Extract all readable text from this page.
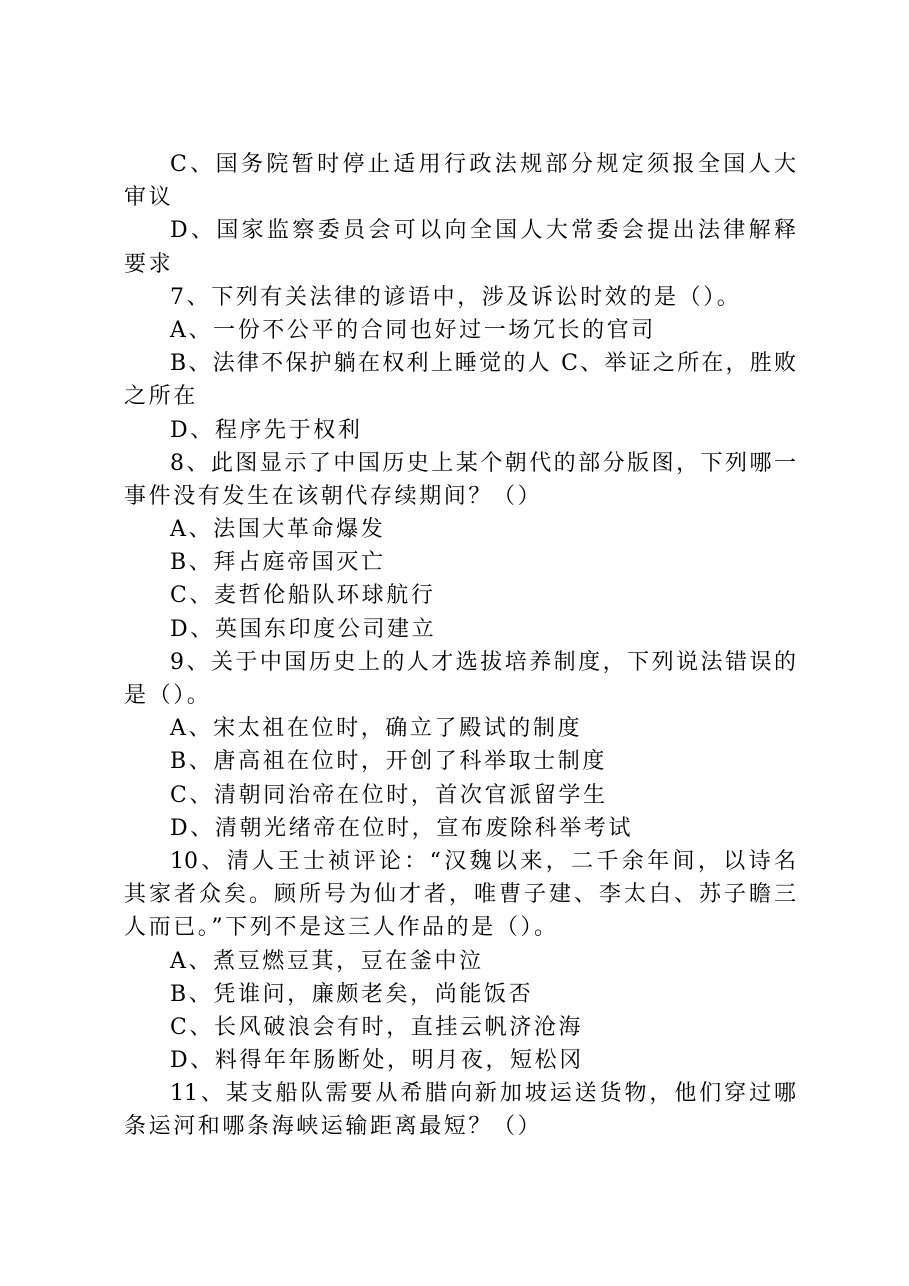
C、国务院暂时停止适用行政法规部分规定须报全国人大
审议
D、国家监察委员会可以向全国人大常委会提出法律解释
要求
7、下列有关法律的谚语中，涉及诉讼时效的是（）。
A、一份不公平的合同也好过一场冗长的官司
B、法律不保护躺在权利上睡觉的人 C、举证之所在，胜败
之所在
D、程序先于权利
8、此图显示了中国历史上某个朝代的部分版图，下列哪一
事件没有发生在该朝代存续期间？（）
A、法国大革命爆发
B、拜占庭帝国灭亡
C、麦哲伦船队环球航行
D、英国东印度公司建立
9、关于中国历史上的人才选拔培养制度，下列说法错误的
是（）。
A、宋太祖在位时，确立了殿试的制度
B、唐高祖在位时，开创了科举取士制度
C、清朝同治帝在位时，首次官派留学生
D、清朝光绪帝在位时，宣布废除科举考试
10、清人王士祯评论：“汉魏以来，二千余年间，以诗名
其家者众矣。顾所号为仙才者，唯曹子建、李太白、苏子瞻三
人而已。”下列不是这三人作品的是（）。
A、煮豆燃豆萁，豆在釜中泣
B、凭谁问，廉颇老矣，尚能饭否
C、长风破浪会有时，直挂云帆济沧海
D、料得年年肠断处，明月夜，短松冈
11、某支船队需要从希腊向新加坡运送货物，他们穿过哪
条运河和哪条海峡运输距离最短？（）
